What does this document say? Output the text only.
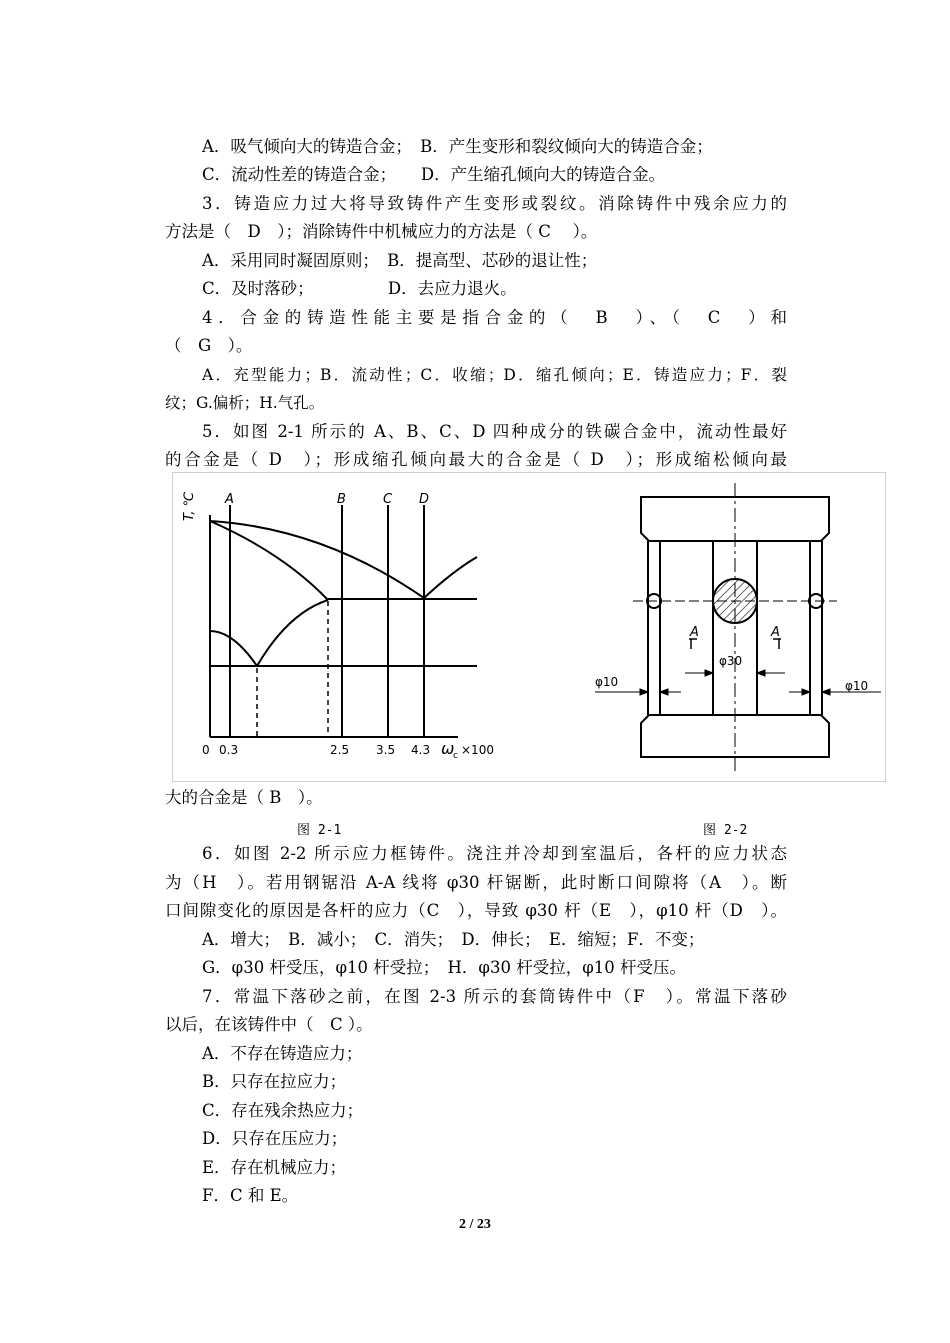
A．吸气倾向大的铸造合金；　B．产生变形和裂纹倾向大的铸造合金；
C．流动性差的铸造合金；　　D．产生缩孔倾向大的铸造合金。
3．铸造应力过大将导致铸件产生变形或裂纹。消除铸件中残余应力的
方法是（　D　）；消除铸件中机械应力的方法是（ C　 ）。
A．采用同时凝固原则；　B．提高型、芯砂的退让性；
C．及时落砂；　　　　　D．去应力退火。
4．合金的铸造性能主要是指合金的（　B　）、（　C　）和
（　G　）。
A．充型能力；B．流动性；C．收缩；D．缩孔倾向；E．铸造应力；F．裂
纹；G.偏析；H.气孔。
5．如图 2-1 所示的 A、B、C、D 四种成分的铁碳合金中，流动性最好
的合金是（ D　）；形成缩孔倾向最大的合金是（ D　）；形成缩松倾向最
T, ℃ A	B	C D
0 0.3	2.5 3.5 4.3 ω
c ×100
A	A
φ30
φ10	φ10
大的合金是（ B　）。
图 2-1	图 2-2
6．如图 2-2 所示应力框铸件。浇注并冷却到室温后，各杆的应力状态
为（H　）。若用钢锯沿 A-A 线将 φ30 杆锯断，此时断口间隙将（A　）。断
口间隙变化的原因是各杆的应力（C　），导致 φ30 杆（E　），φ10 杆（D　）。
A．增大；　B．减小；　C．消失；　D．伸长；　E．缩短；F．不变；
G．φ30 杆受压，φ10 杆受拉；　H．φ30 杆受拉，φ10 杆受压。
7．常温下落砂之前，在图 2-3 所示的套筒铸件中（F　）。常温下落砂
以后，在该铸件中（　C ）。
A．不存在铸造应力；
B．只存在拉应力；
C．存在残余热应力；
D．只存在压应力；
E．存在机械应力；
F．C 和 E。
2 / 23
